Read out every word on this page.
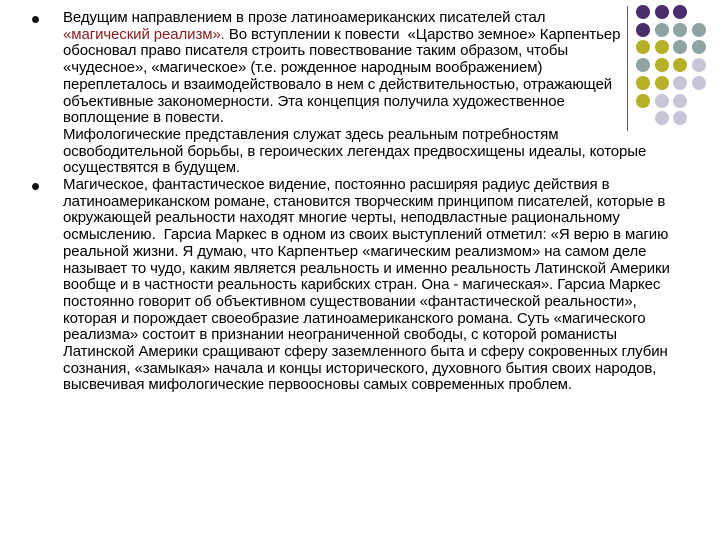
Ведущим направлением в прозе латиноамериканских писателей стал «магический реализм». Во вступлении к повести  «Царство земное» Карпентьер обосновал право писателя строить повествование таким образом, чтобы «чудесное», «магическое» (т.е. рожденное народным воображением) переплеталось и взаимодействовало в нем с действительностью, отражающей объективные закономерности. Эта концепция получила художественное воплощение в повести.
Мифологические представления служат здесь реальным потребностям освободительной борьбы, в героических легендах предвосхищены идеалы, которые осуществятся в будущем.
Магическое, фантастическое видение, постоянно расширяя радиус действия в латиноамериканском романе, становится творческим принципом писателей, которые в окружающей реальности находят многие черты, неподвластные рациональному осмыслению.  Гарсиа Маркес в одном из своих выступлений отметил: «Я верю в магию реальной жизни. Я думаю, что Карпентьер «магическим реализмом» на самом деле называет то чудо, каким является реальность и именно реальность Латинской Америки вообще и в частности реальность карибских стран. Она - магическая». Гарсиа Маркес постоянно говорит об объективном существовании «фантастической реальности», которая и порождает своеобразие латиноамериканского романа. Суть «магического реализма» состоит в признании неограниченной свободы, с которой романисты Латинской Америки сращивают сферу заземленного быта и сферу сокровенных глубин сознания, «замыкая» начала и концы исторического, духовного бытия своих народов, высвечивая мифологические первоосновы самых современных проблем.
